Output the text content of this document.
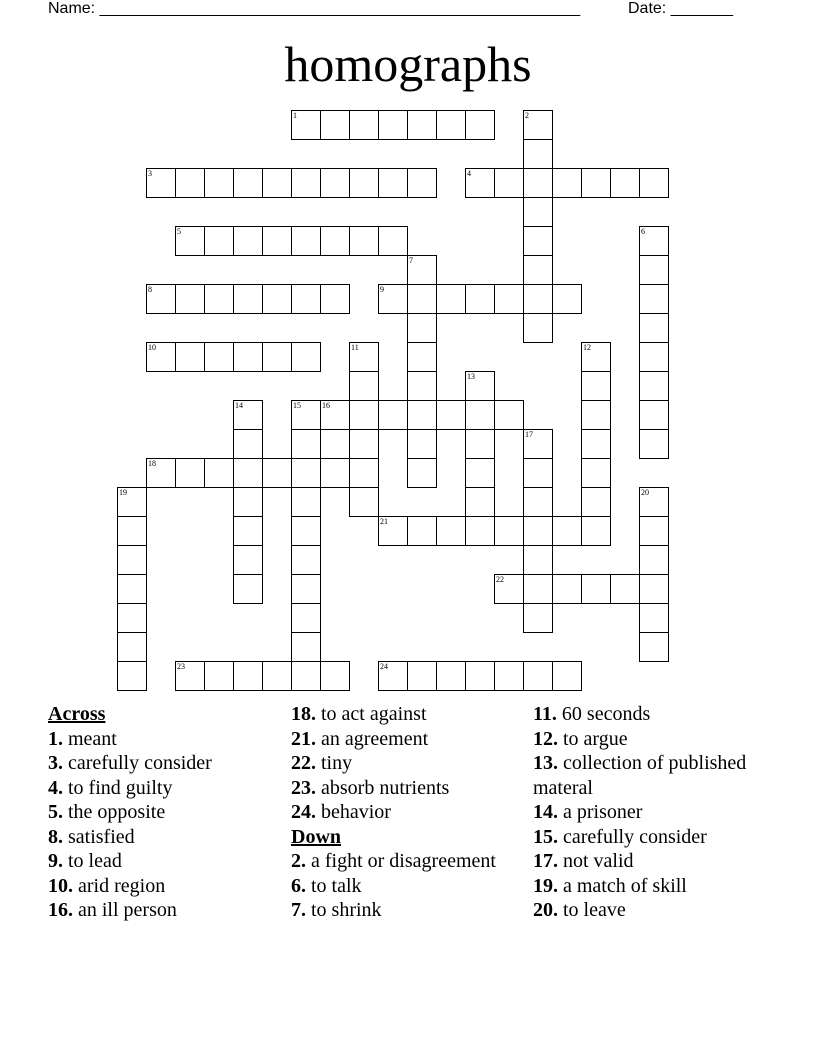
Name: ______________________________________________________	Date: _______
homographs
1	2
3	4
5	6
7
8	9
10	11	12
13
14	15	16
17
18
19	20
21
22
23	24
Across
1. meant
3. carefully consider
4. to find guilty
5. the opposite
8. satisfied
9. to lead
10. arid region
16. an ill person
18. to act against
21. an agreement
22. tiny
23. absorb nutrients
24. behavior
Down
2. a fight or disagreement
6. to talk
7. to shrink
11. 60 seconds
12. to argue
13. collection of published materal
14. a prisoner
15. carefully consider
17. not valid
19. a match of skill
20. to leave
